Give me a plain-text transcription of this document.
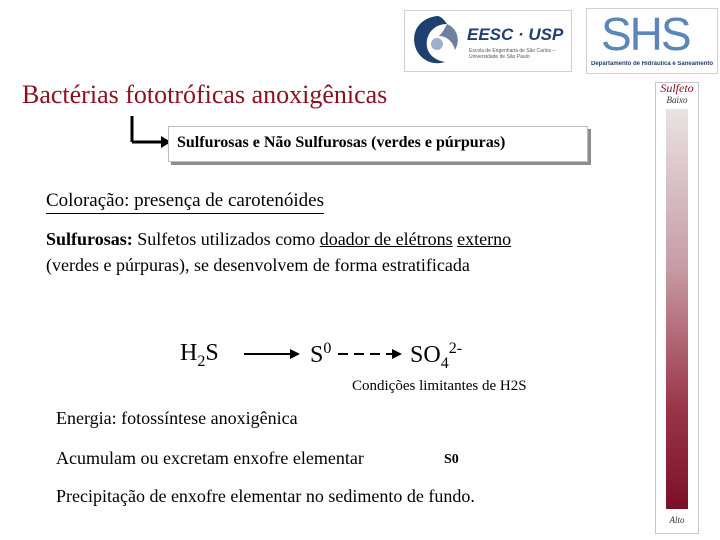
EESC · USP
Escola de Engenharia de São Carlos – Universidade de São Paulo	SHS
Departamento de Hidráulica e Saneamento
Bactérias fototróficas anoxigênicas
Sulfurosas e Não Sulfurosas (verdes e púrpuras)
Coloração: presença de carotenóides
Sulfurosas: Sulfetos utilizados como doador de elétrons externo (verdes e púrpuras), se desenvolvem de forma estratificada
$H_2S$	$S^0$	$SO_4^{2-}$
Condições limitantes de H2S
Energia: fotossíntese anoxigênica
Acumulam ou excretam enxofre elementar	S0
Precipitação de enxofre elementar no sedimento de fundo.
Sulfeto
Baixo
Alto
